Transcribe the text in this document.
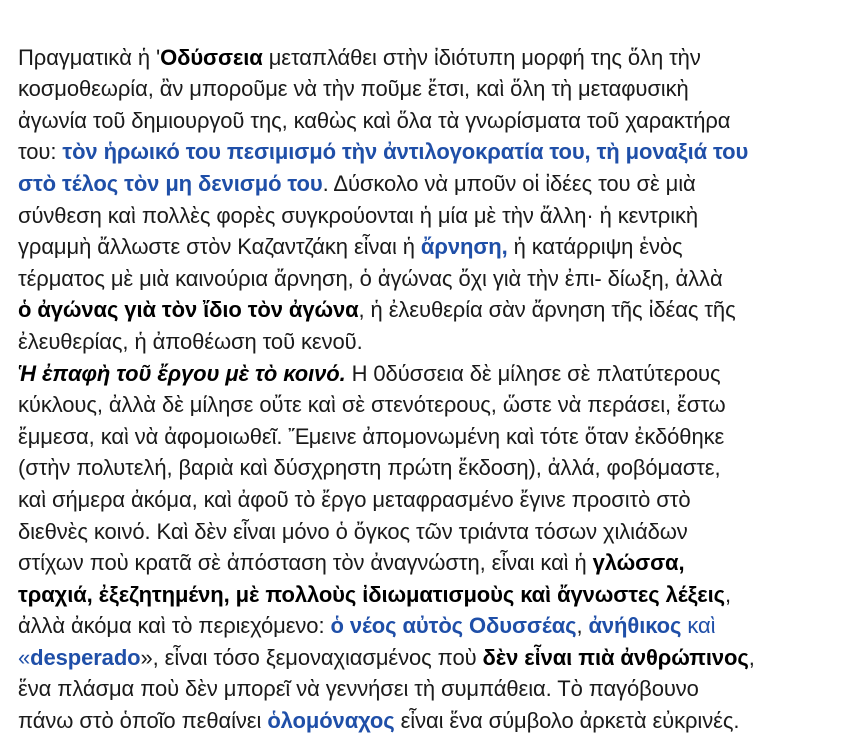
Πραγματικὰ ἡ ʹΟδύσσεια μεταπλάθει στὴν ἰδιότυπη μορφή της ὅλη τὴν
κοσμοθεωρία, ἂν μποροῦμε νὰ τὴν ποῦμε ἔτσι, καὶ ὅλη τὴ μεταφυσικὴ
ἀγωνία τοῦ δημιουργοῦ της, καθὼς καὶ ὅλα τὰ γνωρίσματα τοῦ χαρακτήρα
του: τὸν ἡρωικό του πεσιμισμό τὴν ἀντιλογοκρατία του, τὴ μοναξιά του
στὸ τέλος τὸν μη δενισμό του. Δύσκολο νὰ μποῦν οἱ ἰδέες του σὲ μιὰ
σύνθεση καὶ πολλὲς φορὲς συγκρούονται ἡ μία μὲ τὴν ἄλλη· ἡ κεντρικὴ
γραμμὴ ἄλλωστε στὸν Καζαντζάκη εἶναι ἡ ἄρνηση, ἡ κατάρριψη ἑνὸς
τέρματος μὲ μιὰ καινούρια ἄρνηση, ὁ ἀγώνας ὄχι γιὰ τὴν ἐπι- δίωξη, ἀλλὰ
ὁ ἀγώνας γιὰ τὸν ἴδιο τὸν ἀγώνα, ἡ ἐλευθερία σὰν ἄρνηση τῆς ἰδέας τῆς
ἐλευθερίας, ἡ ἀποθέωση τοῦ κενοῦ.
Ἡ ἐπαφὴ τοῦ ἔργου μὲ τὸ κοινό. Η 0δύσσεια δὲ μίλησε σὲ πλατύτερους
κύκλους, ἀλλὰ δὲ μίλησε οὔτε καὶ σὲ στενότερους, ὥστε νὰ περάσει, ἔστω
ἔμμεσα, καὶ νὰ ἀφομοιωθεῖ. Ἔμεινε ἀπομονωμένη καὶ τότε ὅταν ἐκδόθηκε
(στὴν πολυτελή, βαριὰ καὶ δύσχρηστη πρώτη ἔκδοση), ἀλλά, φοβόμαστε,
καὶ σήμερα ἀκόμα, καὶ ἀφοῦ τὸ ἔργο μεταφρασμένο ἔγινε προσιτὸ στὸ
διεθνὲς κοινό. Καὶ δὲν εἶναι μόνο ὁ ὄγκος τῶν τριάντα τόσων χιλιάδων
στίχων ποὺ κρατᾶ σὲ ἀπόσταση τὸν ἀναγνώστη, εἶναι καὶ ἡ γλώσσα,
τραχιά, ἐξεζητημένη, μὲ πολλοὺς ἰδιωματισμοὺς καὶ ἄγνωστες λέξεις,
ἀλλὰ ἀκόμα καὶ τὸ περιεχόμενο: ὁ νέος αὐτὸς Οδυσσέας, ἀνήθικος καὶ
«desperado», εἶναι τόσο ξεμοναχιασμένος ποὺ δὲν εἶναι πιὰ ἀνθρώπινος,
ἕνα πλάσμα ποὺ δὲν μπορεῖ νὰ γεννήσει τὴ συμπάθεια. Τὸ παγόβουνο
πάνω στὸ ὁποῖο πεθαίνει ὁλομόναχος εἶναι ἕνα σύμβολο ἀρκετὰ εὐκρινές.
